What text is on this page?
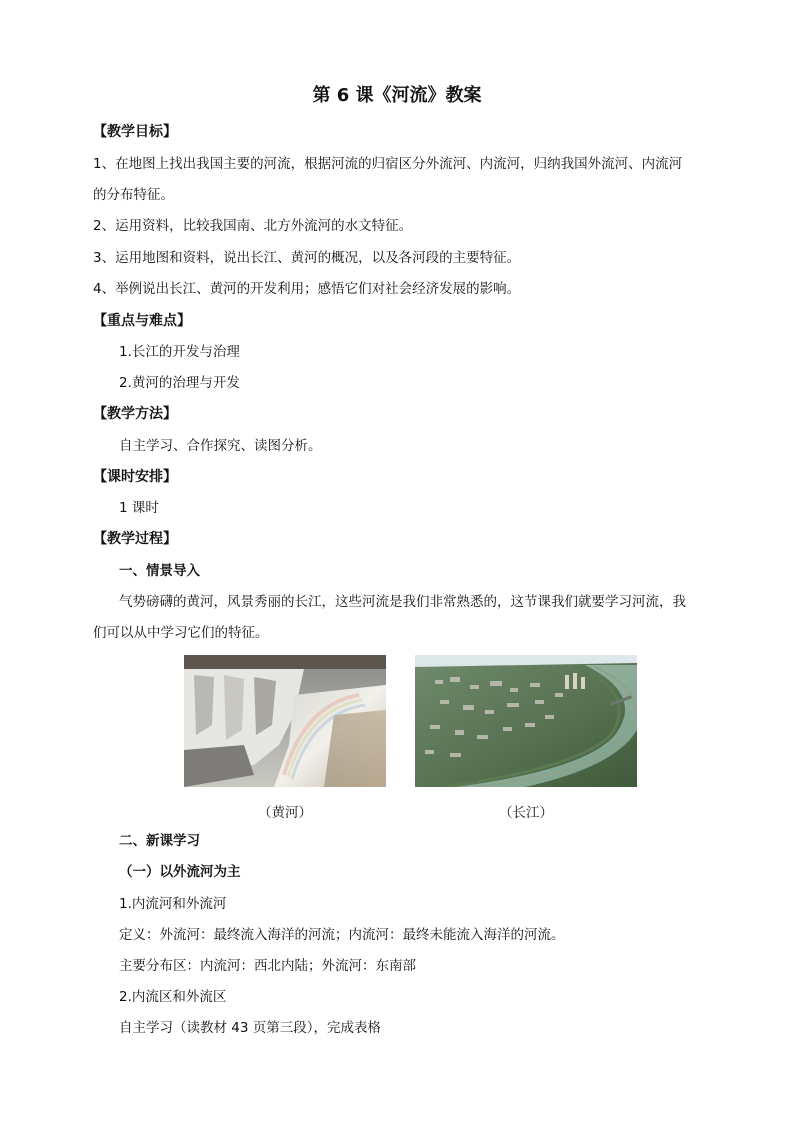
第 6 课《河流》教案
【教学目标】
1、在地图上找出我国主要的河流，根据河流的归宿区分外流河、内流河，归纳我国外流河、内流河
的分布特征。
2、运用资料，比较我国南、北方外流河的水文特征。
3、运用地图和资料，说出长江、黄河的概况，以及各河段的主要特征。
4、举例说出长江、黄河的开发利用；感悟它们对社会经济发展的影响。
【重点与难点】
1.长江的开发与治理
2.黄河的治理与开发
【教学方法】
自主学习、合作探究、读图分析。
【课时安排】
1 课时
【教学过程】
一、情景导入
气势磅礴的黄河，风景秀丽的长江，这些河流是我们非常熟悉的，这节课我们就要学习河流，我
们可以从中学习它们的特征。
（黄河）	（长江）
二、新课学习
（一）以外流河为主
1.内流河和外流河
定义：外流河：最终流入海洋的河流；内流河：最终未能流入海洋的河流。
主要分布区：内流河：西北内陆；外流河：东南部
2.内流区和外流区
自主学习（读教材 43 页第三段），完成表格
